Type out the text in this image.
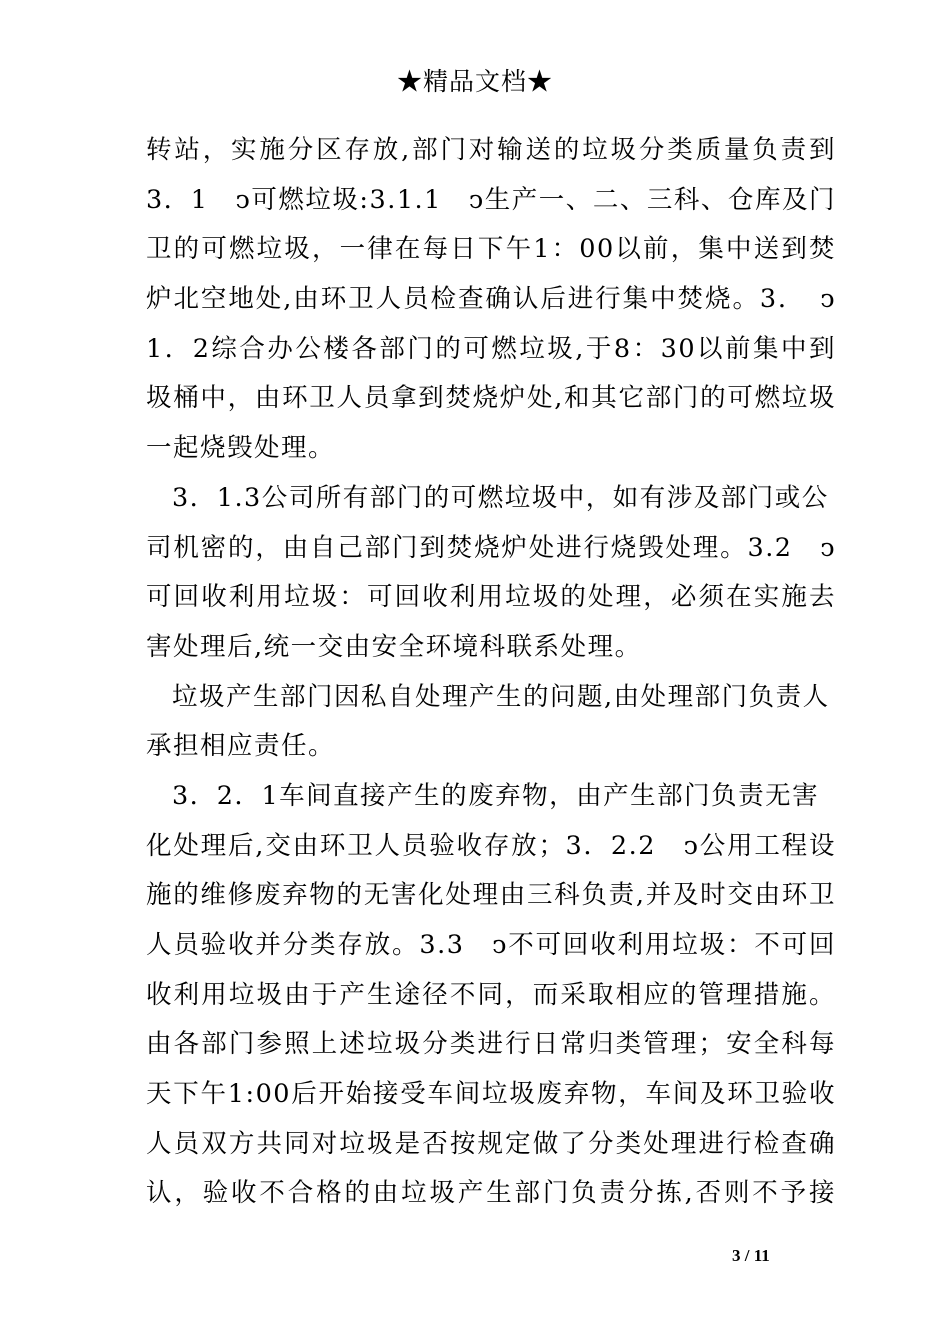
★精品文档★
转站，实施分区存放,部门对输送的垃圾分类质量负责到
3．1　ↄ可燃垃圾:3.1.1　ↄ生产一、二、三科、仓库及门
卫的可燃垃圾，一律在每日下午1：00以前，集中送到焚
炉北空地处,由环卫人员检查确认后进行集中焚烧。3．　ↄ
1．2综合办公楼各部门的可燃垃圾,于8：30以前集中到
圾桶中，由环卫人员拿到焚烧炉处,和其它部门的可燃垃圾
一起烧毁处理。
3．1.3公司所有部门的可燃垃圾中，如有涉及部门或公
司机密的，由自己部门到焚烧炉处进行烧毁处理。3.2　ↄ
可回收利用垃圾：可回收利用垃圾的处理，必须在实施去
害处理后,统一交由安全环境科联系处理。
垃圾产生部门因私自处理产生的问题,由处理部门负责人
承担相应责任。
3．2．1车间直接产生的废弃物，由产生部门负责无害
化处理后,交由环卫人员验收存放；3．2.2　ↄ公用工程设
施的维修废弃物的无害化处理由三科负责,并及时交由环卫
人员验收并分类存放。3.3　ↄ不可回收利用垃圾：不可回
收利用垃圾由于产生途径不同，而采取相应的管理措施。
由各部门参照上述垃圾分类进行日常归类管理；安全科每
天下午1:00后开始接受车间垃圾废弃物，车间及环卫验收
人员双方共同对垃圾是否按规定做了分类处理进行检查确
认，验收不合格的由垃圾产生部门负责分拣,否则不予接
3 / 11
